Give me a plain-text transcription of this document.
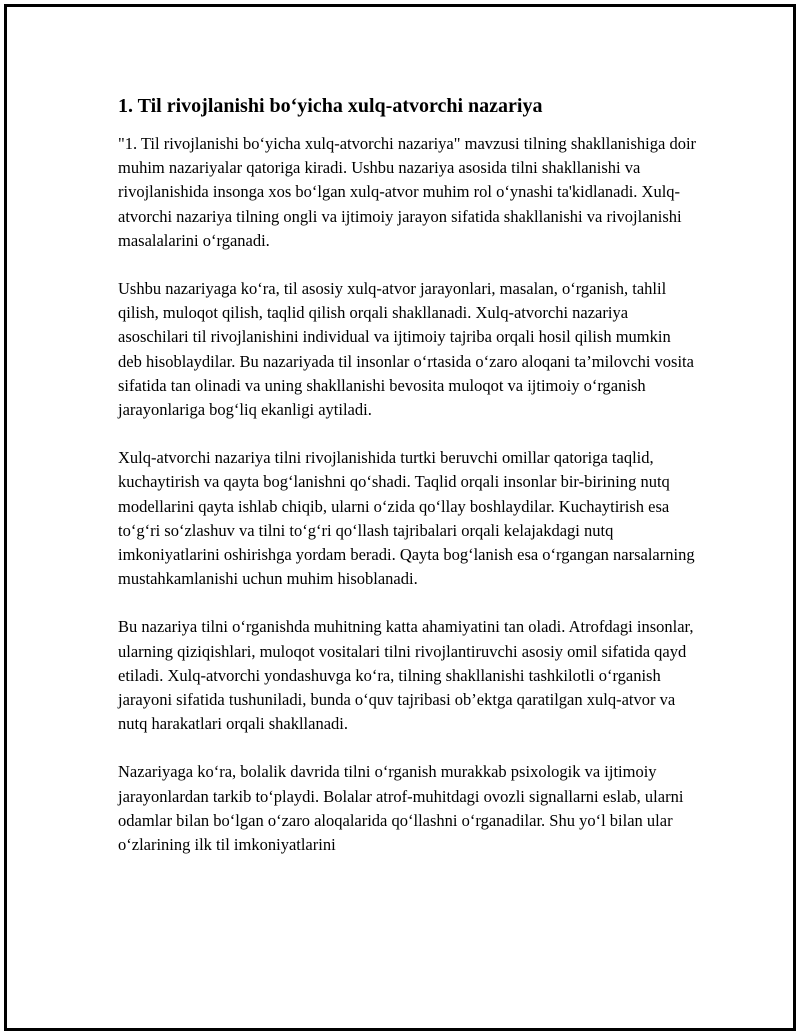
1. Til rivojlanishi bo‘yicha xulq-atvorchi nazariya

"1. Til rivojlanishi bo‘yicha xulq-atvorchi nazariya" mavzusi tilning shakllanishiga doir muhim nazariyalar qatoriga kiradi. Ushbu nazariya asosida tilni shakllanishi va rivojlanishida insonga xos bo‘lgan xulq-atvor muhim rol o‘ynashi ta'kidlanadi. Xulq-atvorchi nazariya tilning ongli va ijtimoiy jarayon sifatida shakllanishi va rivojlanishi masalalarini o‘rganadi.

Ushbu nazariyaga ko‘ra, til asosiy xulq-atvor jarayonlari, masalan, o‘rganish, tahlil qilish, muloqot qilish, taqlid qilish orqali shakllanadi. Xulq-atvorchi nazariya asoschilari til rivojlanishini individual va ijtimoiy tajriba orqali hosil qilish mumkin deb hisoblaydilar. Bu nazariyada til insonlar o‘rtasida o‘zaro aloqani ta’milovchi vosita sifatida tan olinadi va uning shakllanishi bevosita muloqot va ijtimoiy o‘rganish jarayonlariga bog‘liq ekanligi aytiladi.

Xulq-atvorchi nazariya tilni rivojlanishida turtki beruvchi omillar qatoriga taqlid, kuchaytirish va qayta bog‘lanishni qo‘shadi. Taqlid orqali insonlar bir-birining nutq modellarini qayta ishlab chiqib, ularni o‘zida qo‘llay boshlaydilar. Kuchaytirish esa to‘g‘ri so‘zlashuv va tilni to‘g‘ri qo‘llash tajribalari orqali kelajakdagi nutq imkoniyatlarini oshirishga yordam beradi. Qayta bog‘lanish esa o‘rgangan narsalarning mustahkamlanishi uchun muhim hisoblanadi.

Bu nazariya tilni o‘rganishda muhitning katta ahamiyatini tan oladi. Atrofdagi insonlar, ularning qiziqishlari, muloqot vositalari tilni rivojlantiruvchi asosiy omil sifatida qayd etiladi. Xulq-atvorchi yondashuvga ko‘ra, tilning shakllanishi tashkilotli o‘rganish jarayoni sifatida tushuniladi, bunda o‘quv tajribasi ob’ektga qaratilgan xulq-atvor va nutq harakatlari orqali shakllanadi.

Nazariyaga ko‘ra, bolalik davrida tilni o‘rganish murakkab psixologik va ijtimoiy jarayonlardan tarkib to‘playdi. Bolalar atrof-muhitdagi ovozli signallarni eslab, ularni odamlar bilan bo‘lgan o‘zaro aloqalarida qo‘llashni o‘rganadilar. Shu yo‘l bilan ular o‘zlarining ilk til imkoniyatlarini
